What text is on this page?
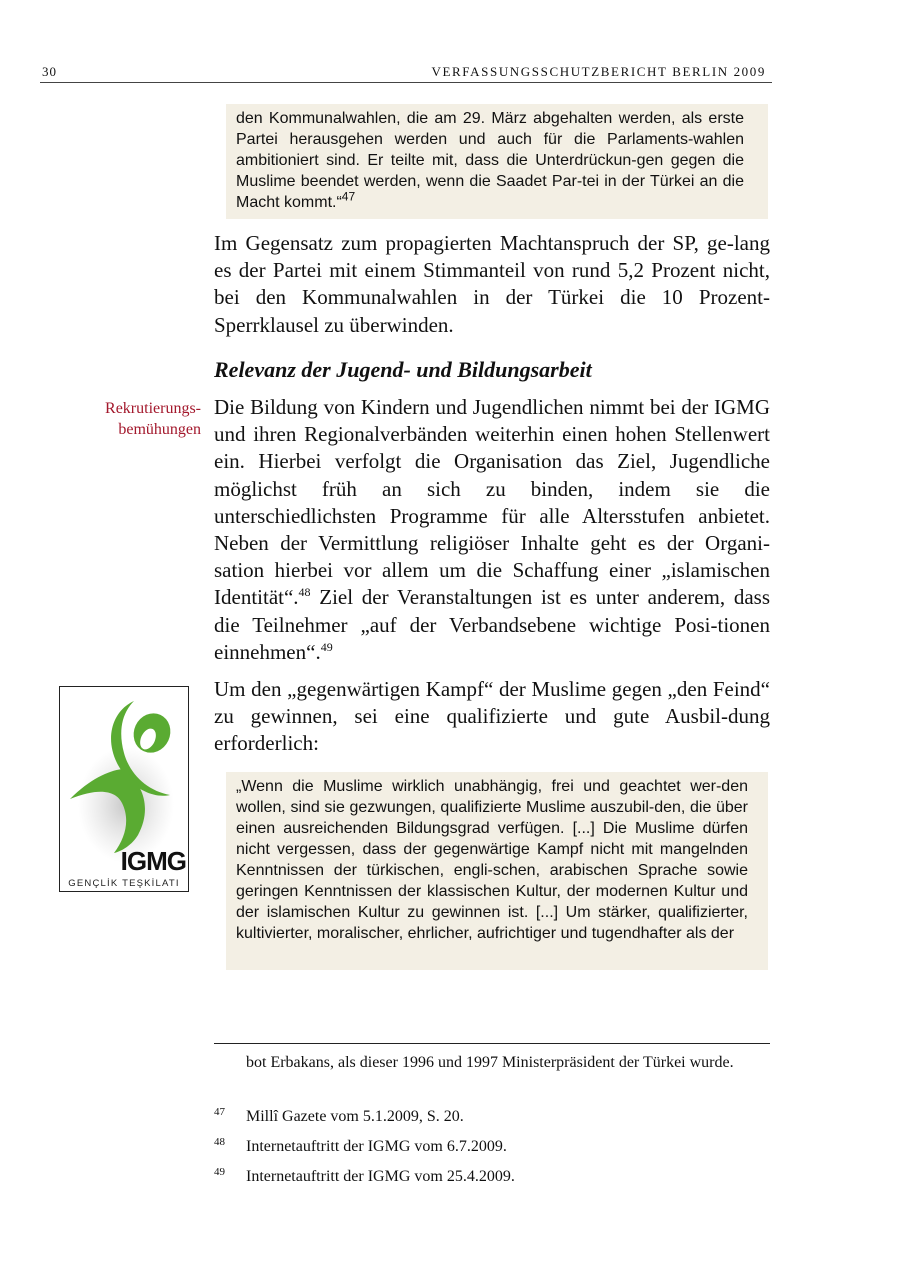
30	VERFASSUNGSSCHUTZBERICHT BERLIN 2009

den Kommunalwahlen, die am 29. März abgehalten werden, als erste Partei herausgehen werden und auch für die Parlaments-wahlen ambitioniert sind. Er teilte mit, dass die Unterdrückun-gen gegen die Muslime beendet werden, wenn die Saadet Par-tei in der Türkei an die Macht kommt.“$^{47}$

Im Gegensatz zum propagierten Machtanspruch der SP, ge-lang es der Partei mit einem Stimmanteil von rund 5,2 Prozent nicht, bei den Kommunalwahlen in der Türkei die 10 Prozent-Sperrklausel zu überwinden.

Relevanz der Jugend- und Bildungsarbeit
Rekrutierungs-
bemühungen

Die Bildung von Kindern und Jugendlichen nimmt bei der IGMG und ihren Regionalverbänden weiterhin einen hohen Stellenwert ein. Hierbei verfolgt die Organisation das Ziel, Jugendliche möglichst früh an sich zu binden, indem sie die unterschiedlichsten Programme für alle Altersstufen anbietet. Neben der Vermittlung religiöser Inhalte geht es der Organi-sation hierbei vor allem um die Schaffung einer „islamischen Identität“.$^{48}$ Ziel der Veranstaltungen ist es unter anderem, dass die Teilnehmer „auf der Verbandsebene wichtige Posi-tionen einnehmen“.$^{49}$

IGMG
GENÇLİK TEŞKİLATI

Um den „gegenwärtigen Kampf“ der Muslime gegen „den Feind“ zu gewinnen, sei eine qualifizierte und gute Ausbil-dung erforderlich:

„Wenn die Muslime wirklich unabhängig, frei und geachtet wer-den wollen, sind sie gezwungen, qualifizierte Muslime auszubil-den, die über einen ausreichenden Bildungsgrad verfügen. [...] Die Muslime dürfen nicht vergessen, dass der gegenwärtige Kampf nicht mit mangelnden Kenntnissen der türkischen, engli-schen, arabischen Sprache sowie geringen Kenntnissen der klassischen Kultur, der modernen Kultur und der islamischen Kultur zu gewinnen ist. [...] Um stärker, qualifizierter, kultivierter, moralischer, ehrlicher, aufrichtiger und tugendhafter als der

bot Erbakans, als dieser 1996 und 1997 Ministerpräsident der Türkei wurde.
47 Millî Gazete vom 5.1.2009, S. 20.
48 Internetauftritt der IGMG vom 6.7.2009.
49 Internetauftritt der IGMG vom 25.4.2009.
